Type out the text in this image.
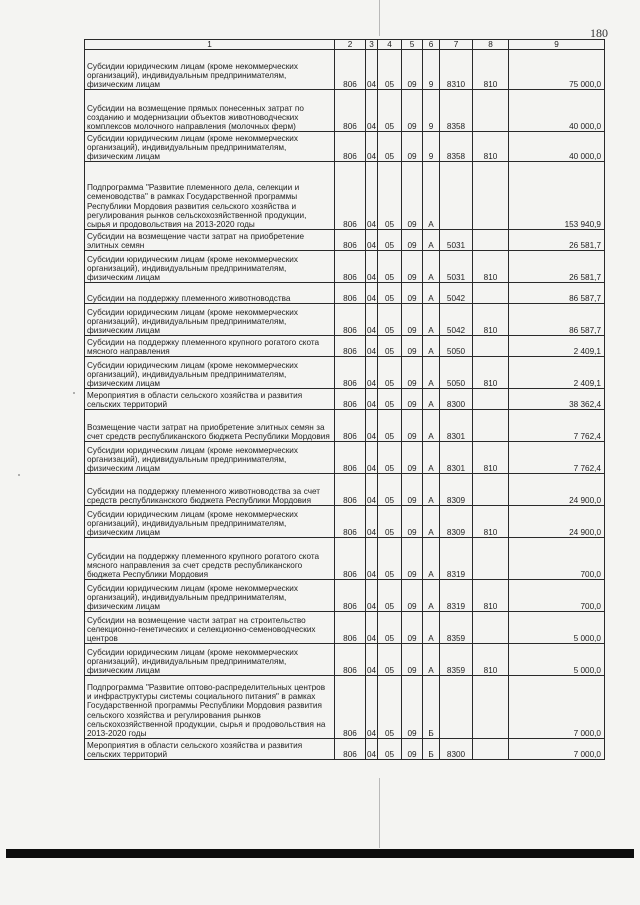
180
1	2	3	4	5	6	7	8	9
Субсидии юридическим лицам (кроме некоммерческих организаций), индивидуальным предпринимателям, физическим лицам	806	04	05	09	9	8310	810	75 000,0
Субсидии на возмещение прямых понесенных затрат по созданию и модернизации объектов животноводческих комплексов молочного направления (молочных ферм)	806	04	05	09	9	8358		40 000,0
Субсидии юридическим лицам (кроме некоммерческих организаций), индивидуальным предпринимателям, физическим лицам	806	04	05	09	9	8358	810	40 000,0
Подпрограмма "Развитие племенного дела, селекции и семеноводства" в рамках Государственной программы Республики Мордовия развития сельского хозяйства и регулирования рынков сельскохозяйственной продукции, сырья и продовольствия на 2013-2020 годы	806	04	05	09	А			153 940,9
Субсидии на возмещение части затрат на приобретение элитных семян	806	04	05	09	А	5031		26 581,7
Субсидии юридическим лицам (кроме некоммерческих организаций), индивидуальным предпринимателям, физическим лицам	806	04	05	09	А	5031	810	26 581,7
Субсидии на поддержку племенного животноводства	806	04	05	09	А	5042		86 587,7
Субсидии юридическим лицам (кроме некоммерческих организаций), индивидуальным предпринимателям, физическим лицам	806	04	05	09	А	5042	810	86 587,7
Субсидии на поддержку племенного крупного рогатого скота мясного направления	806	04	05	09	А	5050		2 409,1
Субсидии юридическим лицам (кроме некоммерческих организаций), индивидуальным предпринимателям, физическим лицам	806	04	05	09	А	5050	810	2 409,1
Мероприятия в области сельского хозяйства и развития сельских территорий	806	04	05	09	А	8300		38 362,4
Возмещение части затрат на приобретение элитных семян за счет средств республиканского бюджета Республики Мордовия	806	04	05	09	А	8301		7 762,4
Субсидии юридическим лицам (кроме некоммерческих организаций), индивидуальным предпринимателям, физическим лицам	806	04	05	09	А	8301	810	7 762,4
Субсидии на поддержку племенного животноводства за счет средств республиканского бюджета Республики Мордовия	806	04	05	09	А	8309		24 900,0
Субсидии юридическим лицам (кроме некоммерческих организаций), индивидуальным предпринимателям, физическим лицам	806	04	05	09	А	8309	810	24 900,0
Субсидии на поддержку племенного крупного рогатого скота мясного направления за счет средств республиканского бюджета Республики Мордовия	806	04	05	09	А	8319		700,0
Субсидии юридическим лицам (кроме некоммерческих организаций), индивидуальным предпринимателям, физическим лицам	806	04	05	09	А	8319	810	700,0
Субсидии на возмещение части затрат на строительство селекционно-генетических и селекционно-семеноводческих центров	806	04	05	09	А	8359		5 000,0
Субсидии юридическим лицам (кроме некоммерческих организаций), индивидуальным предпринимателям, физическим лицам	806	04	05	09	А	8359	810	5 000,0
Подпрограмма "Развитие оптово-распределительных центров и инфраструктуры системы социального питания" в рамках Государственной программы Республики Мордовия развития сельского хозяйства и регулирования рынков сельскохозяйственной продукции, сырья и продовольствия на 2013-2020 годы	806	04	05	09	Б			7 000,0
Мероприятия в области сельского хозяйства и развития сельских территорий	806	04	05	09	Б	8300		7 000,0
